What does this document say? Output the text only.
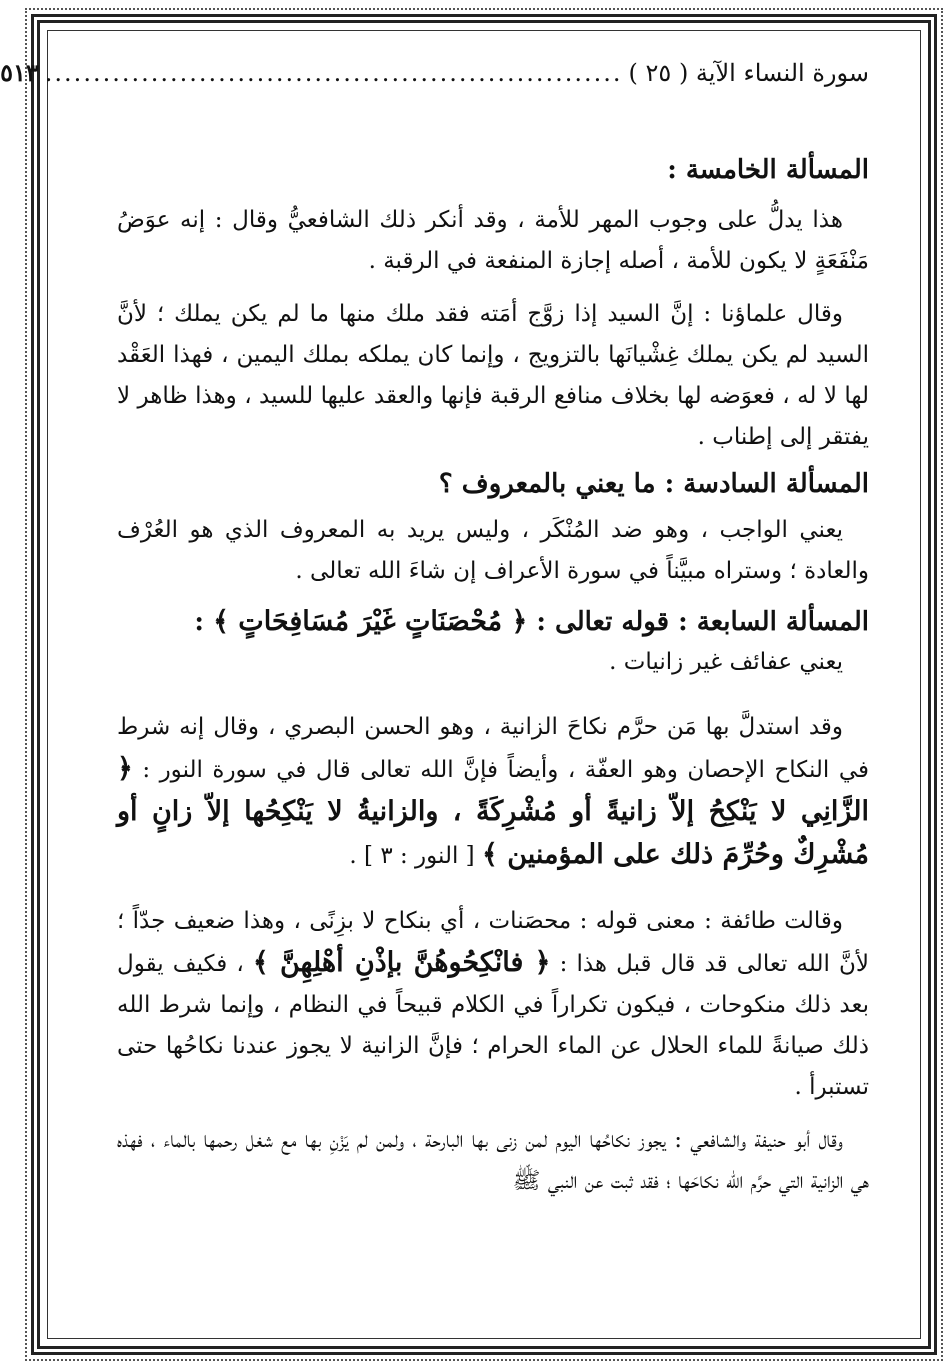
سورة النساء الآية ( ٢٥ )
............................................................
٥١٣

المسألة الخامسة :

هذا يدلُّ على وجوب المهر للأمة ، وقد أنكر ذلك الشافعيُّ وقال : إنه عوَضُ مَنْفَعَةٍ لا يكون للأمة ، أصله إجازة المنفعة في الرقبة .

وقال علماؤنا : إنَّ السيد إذا زوَّج أمَته فقد ملك منها ما لم يكن يملك ؛ لأنَّ السيد لم يكن يملك غِشْيانَها بالتزويج ، وإنما كان يملكه بملك اليمين ، فهذا العَقْد لها لا له ، فعوَضه لها بخلاف منافع الرقبة فإنها والعقد عليها للسيد ، وهذا ظاهر لا يفتقر إلى إطناب .

المسألة السادسة : ما يعني بالمعروف ؟

يعني الواجب ، وهو ضد المُنْكَر ، وليس يريد به المعروف الذي هو العُرْف والعادة ؛ وستراه مبيَّناً في سورة الأعراف إن شاءَ الله تعالى .

المسألة السابعة : قوله تعالى : ﴿ مُحْصَنَاتٍ غَيْرَ مُسَافِحَاتٍ ﴾ :

يعني عفائف غير زانيات .

وقد استدلَّ بها مَن حرَّم نكاحَ الزانية ، وهو الحسن البصري ، وقال إنه شرط في النكاح الإحصان وهو العفّة ، وأيضاً فإنَّ الله تعالى قال في سورة النور : ﴿ الزَّانِي لا يَنْكِحُ إلاّ زانيةً أو مُشْرِكَةً ، والزانيةُ لا يَنْكِحُها إلاّ زانٍ أو مُشْرِكٌ وحُرِّمَ ذلك على المؤمنين ﴾ [ النور : ٣ ] .

وقالت طائفة : معنى قوله : محصَنات ، أي بنكاح لا بزِنًى ، وهذا ضعيف جدّاً ؛ لأنَّ الله تعالى قد قال قبل هذا : ﴿ فانْكِحُوهُنَّ بإذْنِ أهْلِهِنَّ ﴾ ، فكيف يقول بعد ذلك منكوحات ، فيكون تكراراً في الكلام قبيحاً في النظام ، وإنما شرط الله ذلك صيانةً للماء الحلال عن الماء الحرام ؛ فإنَّ الزانية لا يجوز عندنا نكاحُها حتى تستبرأ .

وقال أبو حنيفة والشافعي : يجوز نكاحُها اليوم لمن زنى بها البارحة ، ولمن لم يَزْنِ بها مع شغل رحمها بالماء ، فهذه هي الزانية التي حرَّم الله نكاحَها ؛ فقد ثبت عن النبي ﷺ
